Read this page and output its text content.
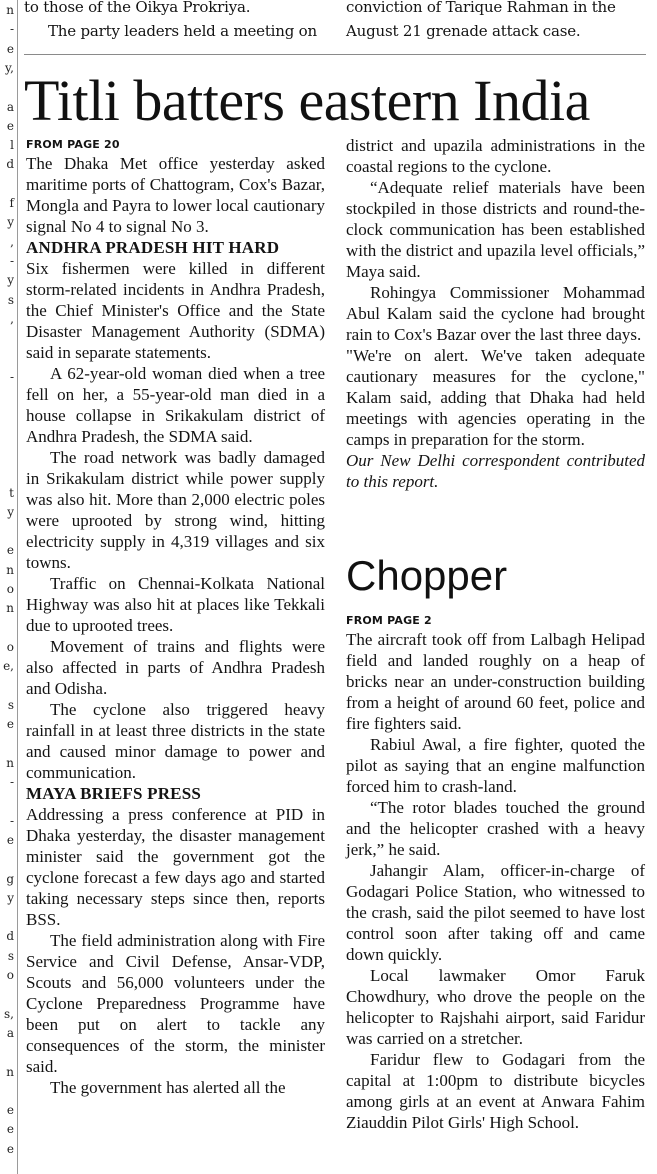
n
-
e
y,
a
e
l
d
f
y
,
-
y
s
,
-
t
y
e
n
o
n
o
e,
s
e
n
-
-
e
g
y
d
s
o
s,
a
n
e
e
e
to those of the Oikya Prokriya.
The party leaders held a meeting on
conviction of Tarique Rahman in the
August 21 grenade attack case.
Titli batters eastern India
FROM PAGE 20

The Dhaka Met office yesterday asked maritime ports of Chattogram, Cox's Bazar, Mongla and Payra to lower local cautionary signal No 4 to signal No 3.

ANDHRA PRADESH HIT HARD

Six fishermen were killed in different storm-related incidents in Andhra Pradesh, the Chief Minister's Office and the State Disaster Management Authority (SDMA) said in separate statements.

A 62-year-old woman died when a tree fell on her, a 55-year-old man died in a house collapse in Srikakulam district of Andhra Pradesh, the SDMA said.

The road network was badly damaged in Srikakulam district while power supply was also hit. More than 2,000 electric poles were uprooted by strong wind, hitting electricity supply in 4,319 villages and six towns.

Traffic on Chennai-Kolkata National Highway was also hit at places like Tekkali due to uprooted trees.

Movement of trains and flights were also affected in parts of Andhra Pradesh and Odisha.

The cyclone also triggered heavy rainfall in at least three districts in the state and caused minor damage to power and communication.

MAYA BRIEFS PRESS

Addressing a press conference at PID in Dhaka yesterday, the disaster management minister said the government got the cyclone forecast a few days ago and started taking necessary steps since then, reports BSS.

The field administration along with Fire Service and Civil Defense, Ansar-VDP, Scouts and 56,000 volunteers under the Cyclone Preparedness Programme have been put on alert to tackle any consequences of the storm, the minister said.

The government has alerted all the

district and upazila administrations in the coastal regions to the cyclone.

“Adequate relief materials have been stockpiled in those districts and round-the-clock communication has been established with the district and upazila level officials,” Maya said.

Rohingya Commissioner Mohammad Abul Kalam said the cyclone had brought rain to Cox's Bazar over the last three days.

"We're on alert. We've taken adequate cautionary measures for the cyclone," Kalam said, adding that Dhaka had held meetings with agencies operating in the camps in preparation for the storm.

Our New Delhi correspondent contributed to this report.

Chopper
FROM PAGE 2

The aircraft took off from Lalbagh Helipad field and landed roughly on a heap of bricks near an under-construction building from a height of around 60 feet, police and fire fighters said.

Rabiul Awal, a fire fighter, quoted the pilot as saying that an engine malfunction forced him to crash-land.

“The rotor blades touched the ground and the helicopter crashed with a heavy jerk,” he said.

Jahangir Alam, officer-in-charge of Godagari Police Station, who witnessed to the crash, said the pilot seemed to have lost control soon after taking off and came down quickly.

Local lawmaker Omor Faruk Chowdhury, who drove the people on the helicopter to Rajshahi airport, said Faridur was carried on a stretcher.

Faridur flew to Godagari from the capital at 1:00pm to distribute bicycles among girls at an event at Anwara Fahim Ziauddin Pilot Girls' High School.
